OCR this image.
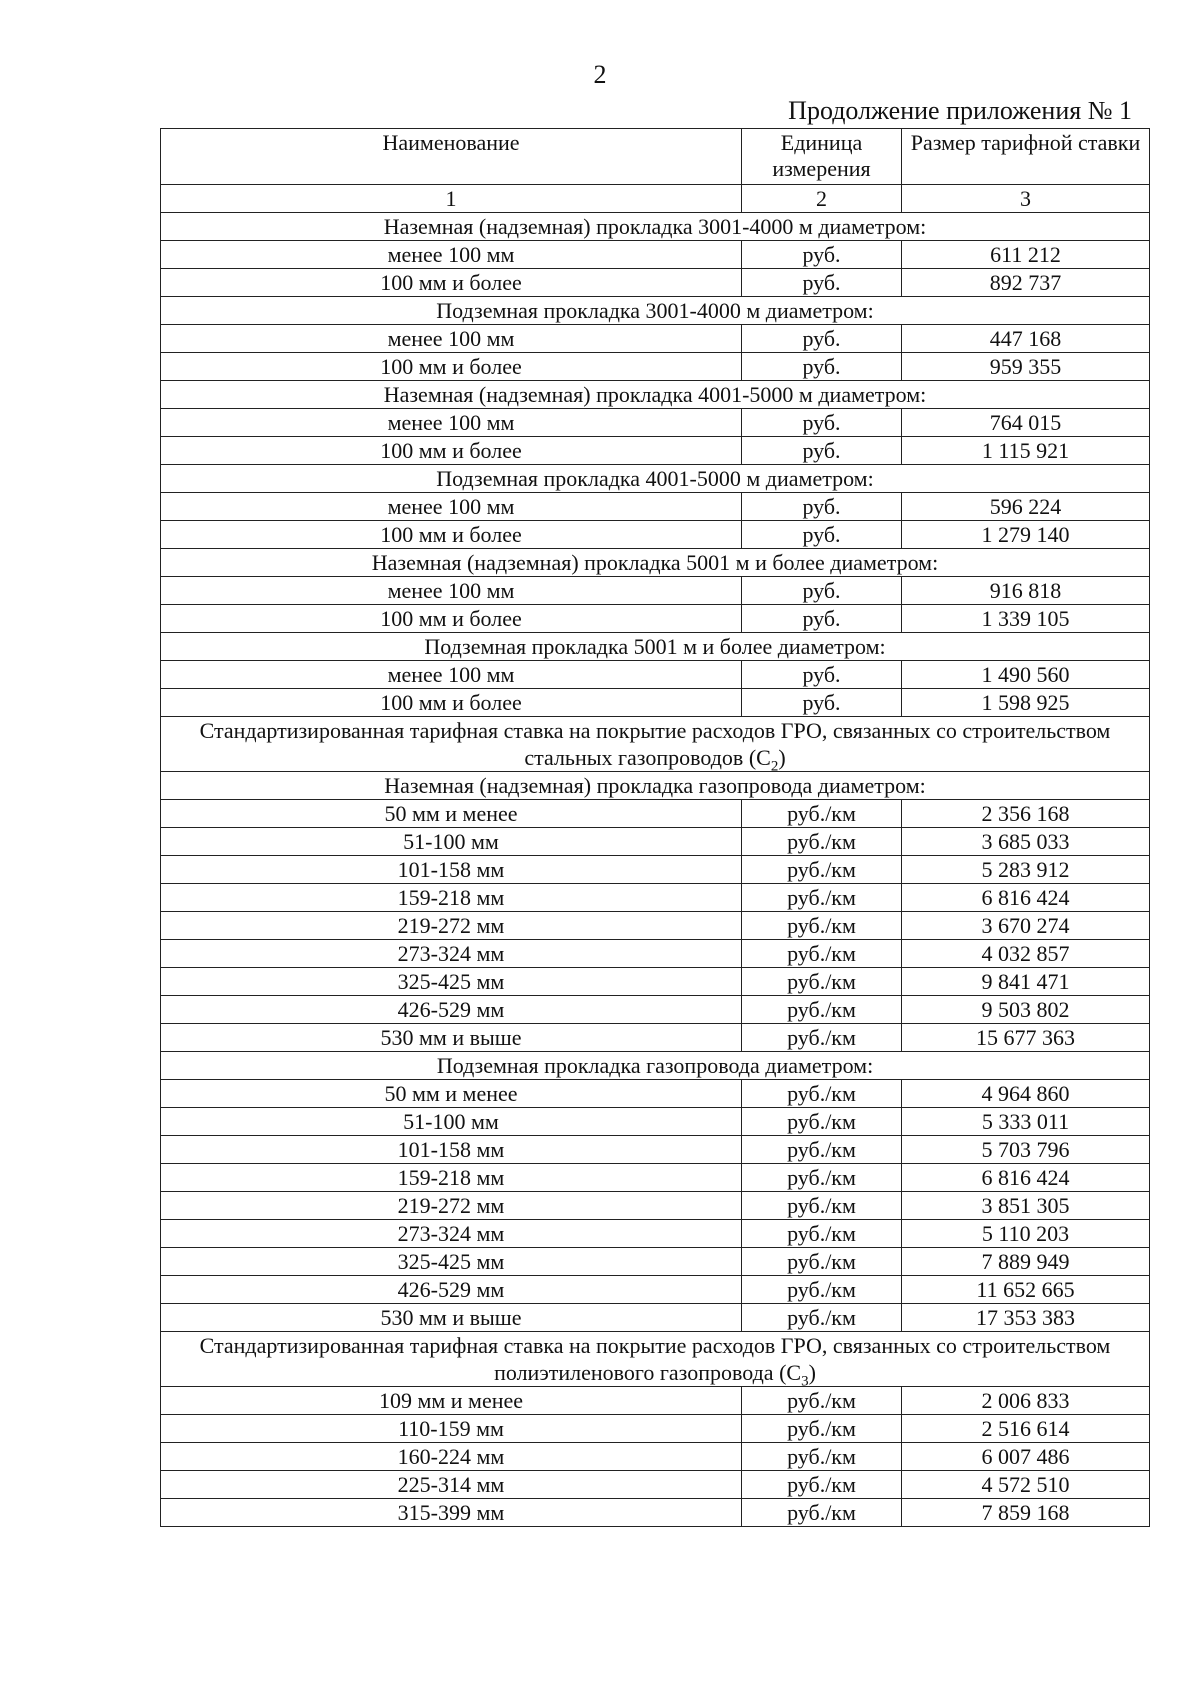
2
Продолжение приложения № 1
Наименование	Единица измерения	Размер тарифной ставки
1	2	3
Наземная (надземная) прокладка 3001-4000 м диаметром:		
менее 100 мм	руб.	611 212
100 мм и более	руб.	892 737
Подземная прокладка 3001-4000 м диаметром:		
менее 100 мм	руб.	447 168
100 мм и более	руб.	959 355
Наземная (надземная) прокладка 4001-5000 м диаметром:		
менее 100 мм	руб.	764 015
100 мм и более	руб.	1 115 921
Подземная прокладка 4001-5000 м диаметром:		
менее 100 мм	руб.	596 224
100 мм и более	руб.	1 279 140
Наземная (надземная) прокладка 5001 м и более диаметром:		
менее 100 мм	руб.	916 818
100 мм и более	руб.	1 339 105
Подземная прокладка 5001 м и более диаметром:		
менее 100 мм	руб.	1 490 560
100 мм и более	руб.	1 598 925
Стандартизированная тарифная ставка на покрытие расходов ГРО, связанных со строительством стальных газопроводов $(С_2)$		
Наземная (надземная) прокладка газопровода диаметром:		
50 мм и менее	руб./км	2 356 168
51-100 мм	руб./км	3 685 033
101-158 мм	руб./км	5 283 912
159-218 мм	руб./км	6 816 424
219-272 мм	руб./км	3 670 274
273-324 мм	руб./км	4 032 857
325-425 мм	руб./км	9 841 471
426-529 мм	руб./км	9 503 802
530 мм и выше	руб./км	15 677 363
Подземная прокладка газопровода диаметром:		
50 мм и менее	руб./км	4 964 860
51-100 мм	руб./км	5 333 011
101-158 мм	руб./км	5 703 796
159-218 мм	руб./км	6 816 424
219-272 мм	руб./км	3 851 305
273-324 мм	руб./км	5 110 203
325-425 мм	руб./км	7 889 949
426-529 мм	руб./км	11 652 665
530 мм и выше	руб./км	17 353 383
Стандартизированная тарифная ставка на покрытие расходов ГРО, связанных со строительством полиэтиленового газопровода $(С_3)$		
109 мм и менее	руб./км	2 006 833
110-159 мм	руб./км	2 516 614
160-224 мм	руб./км	6 007 486
225-314 мм	руб./км	4 572 510
315-399 мм	руб./км	7 859 168
